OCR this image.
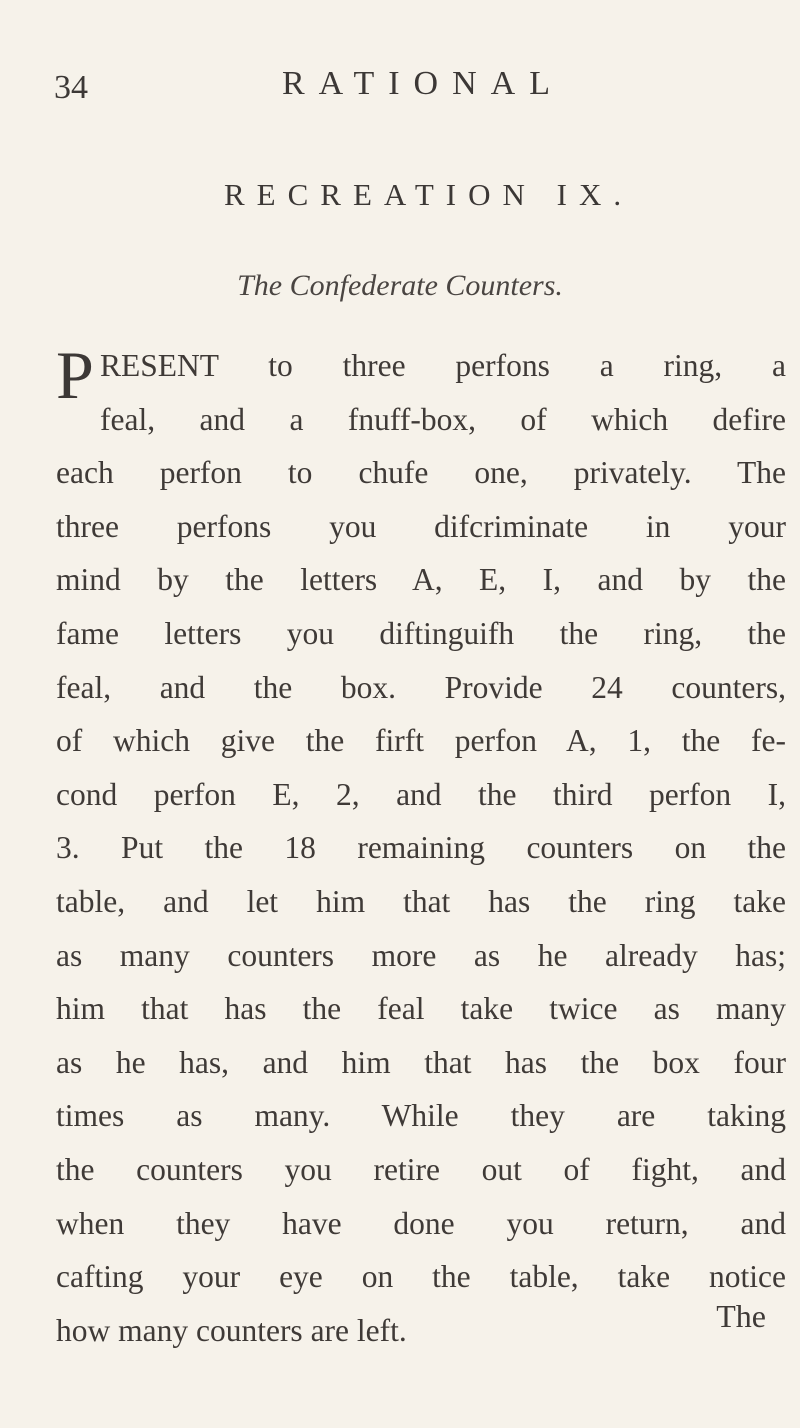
34	RATIONAL
RECREATION IX.
The Confederate Counters.
P RESENT to three perfons a ring, a
feal, and a fnuff-box, of which defire
each perfon to chufe one, privately. The
three perfons you difcriminate in your
mind by the letters A, E, I, and by the
fame letters you diftinguifh the ring, the
feal, and the box. Provide 24 counters,
of which give the firft perfon A, 1, the fe-
cond perfon E, 2, and the third perfon I,
3. Put the 18 remaining counters on the
table, and let him that has the ring take
as many counters more as he already has;
him that has the feal take twice as many
as he has, and him that has the box four
times as many. While they are taking
the counters you retire out of fight, and
when they have done you return, and
cafting your eye on the table, take notice
how many counters are left.	The
